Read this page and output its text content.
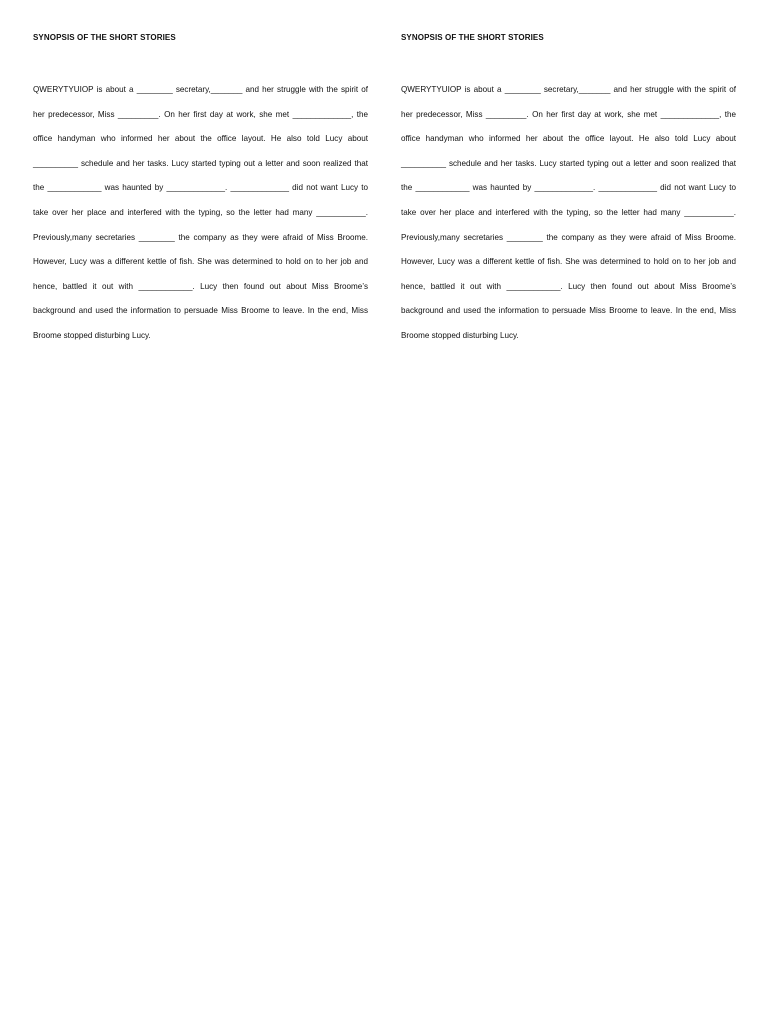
SYNOPSIS OF THE SHORT STORIES

QWERYTYUIOP is about a ________ secretary,_______ and her struggle with the spirit of her predecessor, Miss _________. On her first day at work, she met _____________, the office handyman who informed her about the office layout. He also told Lucy about __________ schedule and her tasks. Lucy started typing out a letter and soon realized that the ____________ was haunted by _____________. _____________ did not want Lucy to take over her place and interfered with the typing, so the letter had many ___________. Previously,many secretaries ________ the company as they were afraid of Miss Broome. However, Lucy was a different kettle of fish. She was determined to hold on to her job and hence, battled it out with ____________. Lucy then found out about Miss Broome’s background and used the information to persuade Miss Broome to leave. In the end, Miss Broome stopped disturbing Lucy.

SYNOPSIS OF THE SHORT STORIES

QWERYTYUIOP is about a ________ secretary,_______ and her struggle with the spirit of her predecessor, Miss _________. On her first day at work, she met _____________, the office handyman who informed her about the office layout. He also told Lucy about __________ schedule and her tasks. Lucy started typing out a letter and soon realized that the ____________ was haunted by _____________. _____________ did not want Lucy to take over her place and interfered with the typing, so the letter had many ___________. Previously,many secretaries ________ the company as they were afraid of Miss Broome. However, Lucy was a different kettle of fish. She was determined to hold on to her job and hence, battled it out with ____________. Lucy then found out about Miss Broome’s background and used the information to persuade Miss Broome to leave. In the end, Miss Broome stopped disturbing Lucy.
